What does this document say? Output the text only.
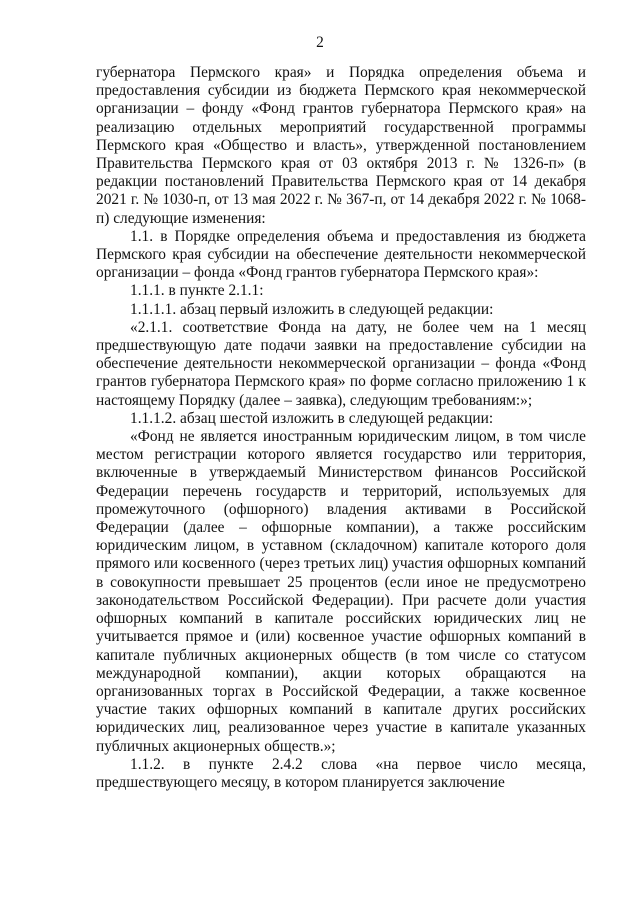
2

губернатора Пермского края» и Порядка определения объема и предоставления субсидии из бюджета Пермского края некоммерческой организации – фонду «Фонд грантов губернатора Пермского края» на реализацию отдельных мероприятий государственной программы Пермского края «Общество и власть», утвержденной постановлением Правительства Пермского края от 03 октября 2013 г. № 1326-п» (в редакции постановлений Правительства Пермского края от 14 декабря 2021 г. № 1030-п, от 13 мая 2022 г. № 367-п, от 14 декабря 2022 г. № 1068-п) следующие изменения:

1.1. в Порядке определения объема и предоставления из бюджета Пермского края субсидии на обеспечение деятельности некоммерческой организации – фонда «Фонд грантов губернатора Пермского края»:

1.1.1. в пункте 2.1.1:

1.1.1.1. абзац первый изложить в следующей редакции:

«2.1.1. соответствие Фонда на дату, не более чем на 1 месяц предшествующую дате подачи заявки на предоставление субсидии на обеспечение деятельности некоммерческой организации – фонда «Фонд грантов губернатора Пермского края» по форме согласно приложению 1 к настоящему Порядку (далее – заявка), следующим требованиям:»;

1.1.1.2. абзац шестой изложить в следующей редакции:

«Фонд не является иностранным юридическим лицом, в том числе местом регистрации которого является государство или территория, включенные в утверждаемый Министерством финансов Российской Федерации перечень государств и территорий, используемых для промежуточного (офшорного) владения активами в Российской Федерации (далее – офшорные компании), а также российским юридическим лицом, в уставном (складочном) капитале которого доля прямого или косвенного (через третьих лиц) участия офшорных компаний в совокупности превышает 25 процентов (если иное не предусмотрено законодательством Российской Федерации). При расчете доли участия офшорных компаний в капитале российских юридических лиц не учитывается прямое и (или) косвенное участие офшорных компаний в капитале публичных акционерных обществ (в том числе со статусом международной компании), акции которых обращаются на организованных торгах в Российской Федерации, а также косвенное участие таких офшорных компаний в капитале других российских юридических лиц, реализованное через участие в капитале указанных публичных акционерных обществ.»;

1.1.2. в пункте 2.4.2 слова «на первое число месяца, предшествующего месяцу, в котором планируется заключение
